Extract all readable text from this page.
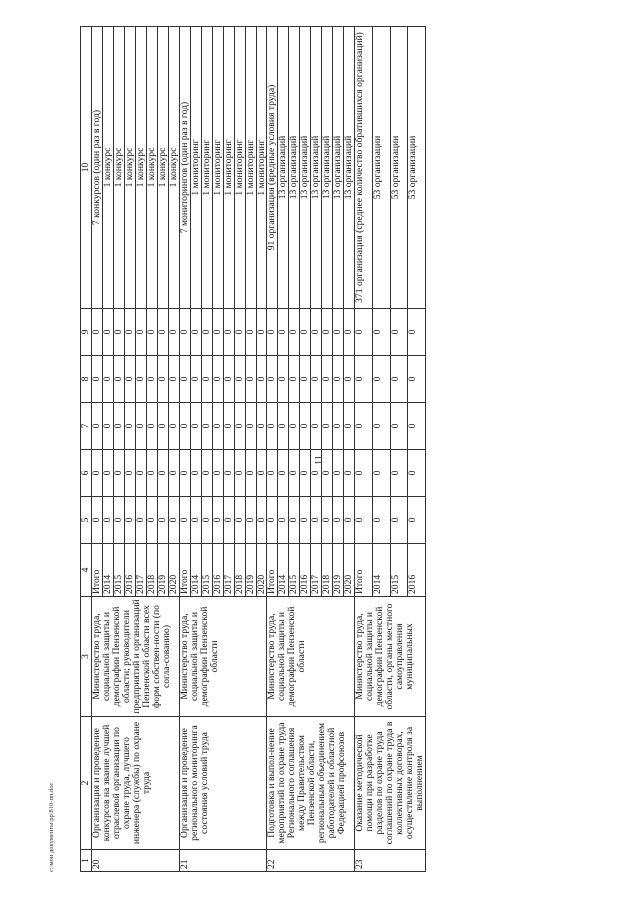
11
1	2	3	4	5	6	7	8	9	10
20	Организация и проведение конкурсов на звание лучшей отраслевой организации по охране труда, лучшего инженера (службы) по охране труда	Министерство труда, социальной защиты и демографии Пензенской области; руководители предприятий и организаций Пензенской области всех форм собствен-ности (по согла-сованию)	Итого	0	0	0	0	0	7 конкурсов (один раз в год)
			2014	0	0	0	0	0	1 конкурс
			2015	0	0	0	0	0	1 конкурс
			2016	0	0	0	0	0	1 конкурс
			2017	0	0	0	0	0	1 конкурс
			2018	0	0	0	0	0	1 конкурс
			2019	0	0	0	0	0	1 конкурс
			2020	0	0	0	0	0	1 конкурс
21	Организация и проведение регионального мониторинга состояния условий труда	Министерство труда, социальной защиты и демографии Пензенской области	Итого	0	0	0	0	0	7 мониторингов (один раз в год)
			2014	0	0	0	0	0	1 мониторинг
			2015	0	0	0	0	0	1 мониторинг
			2016	0	0	0	0	0	1 мониторинг
			2017	0	0	0	0	0	1 мониторинг
			2018	0	0	0	0	0	1 мониторинг
			2019	0	0	0	0	0	1 мониторинг
			2020	0	0	0	0	0	1 мониторинг
22	Подготовка и выпол-нение мероприятий по охране труда Регионального соглашения между Правительством Пензенской области, региональным объединением работодателей и областной Федерацией профсоюзов	Министерство труда, социальной защиты и демографии Пензенской области	Итого	0	0	0	0	0	91 организация (вредные условия труда)
			2014	0	0	0	0	0	13 организаций
			2015	0	0	0	0	0	13 организаций
			2016	0	0	0	0	0	13 организаций
			2017	0	0	0	0	0	13 организаций
			2018	0	0	0	0	0	13 организаций
			2019	0	0	0	0	0	13 организаций
			2020	0	0	0	0	0	13 организаций
23	Оказание методической помощи при разработке разделов по охране труда соглашений по охране труда в коллективных договорах, осуществление контроля за выполнением	Министерство труда, социальной защиты и демографии Пензенской области, органы местного самоуправления муниципальных	Итого	0	0	0	0	0	371 организация (среднее количество обратившихся организаций)
			2014	0	0	0	0	0	53 организации
			2015	0	0	0	0	0	53 организации
			2016	0	0	0	0	0	53 организации
c:\мои документы\рр\810-пп.doc
